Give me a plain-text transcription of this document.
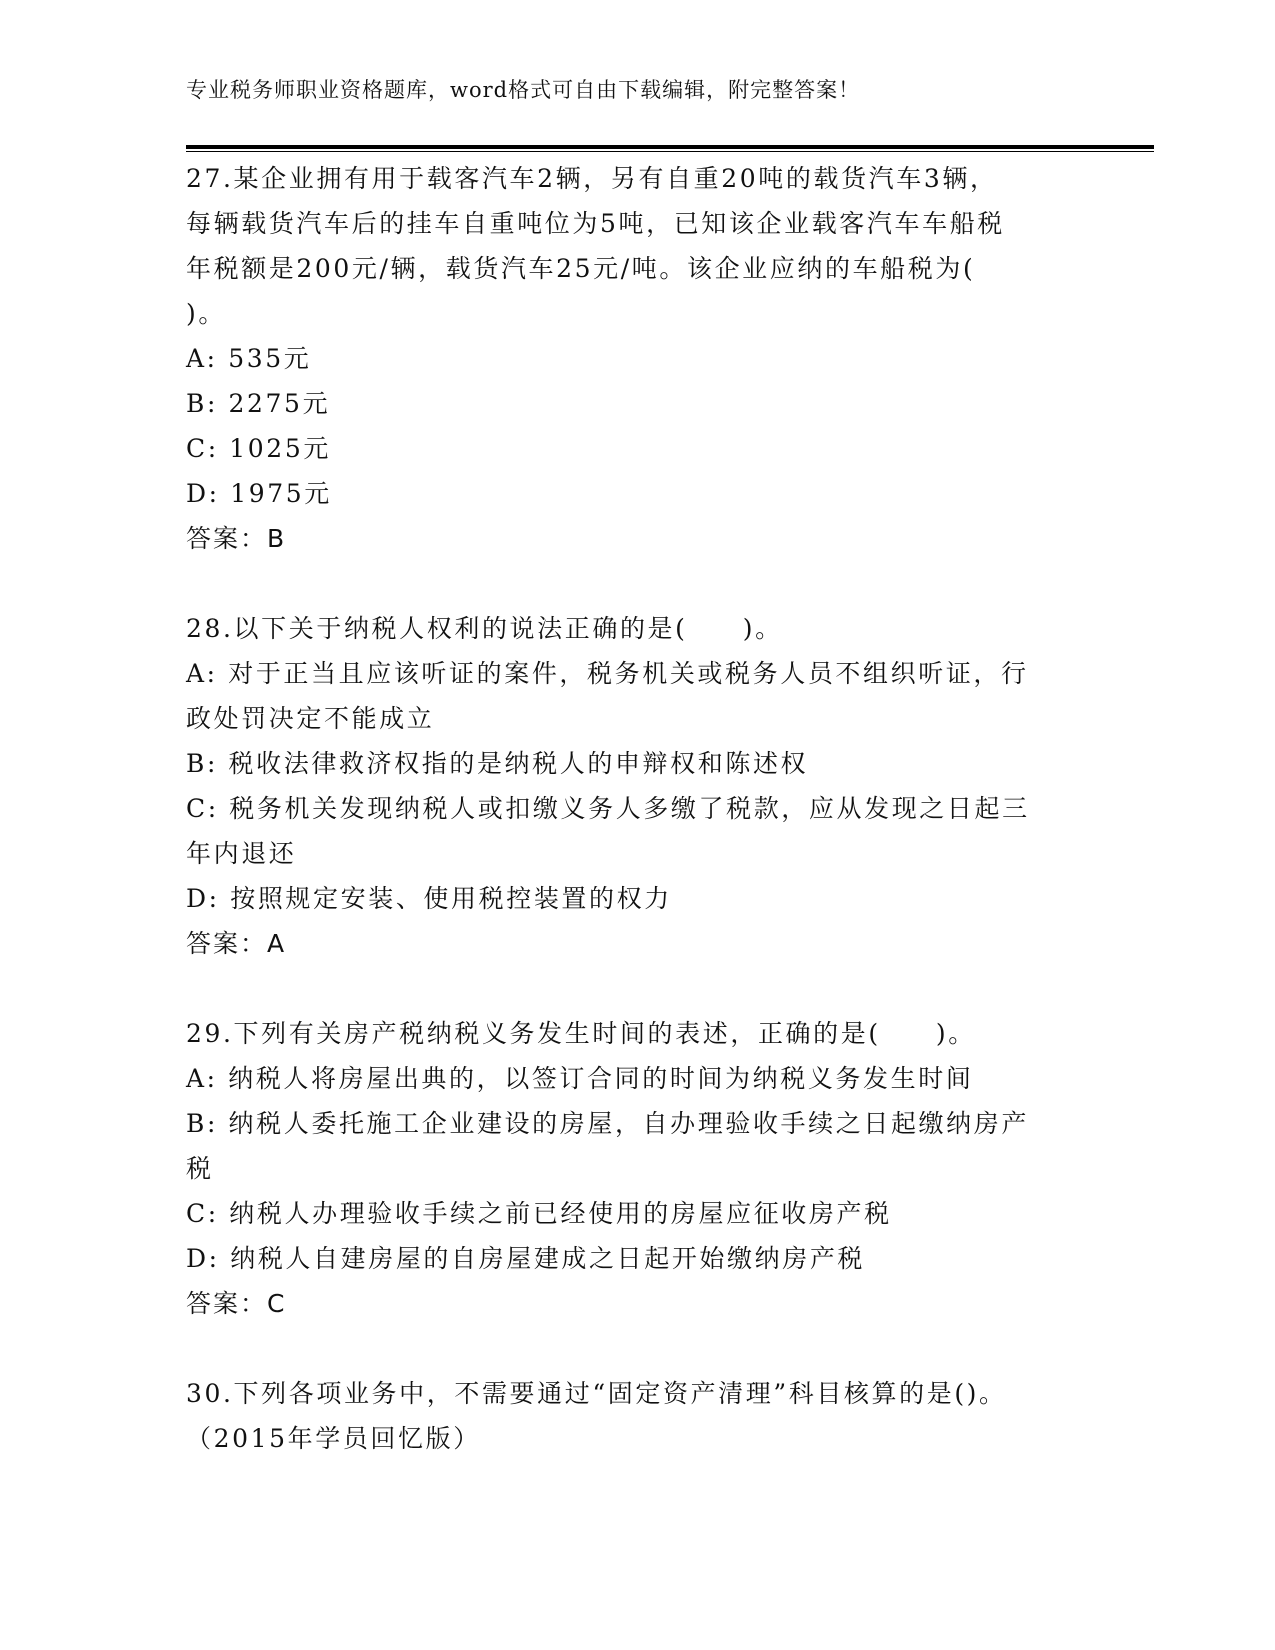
专业税务师职业资格题库，word格式可自由下载编辑，附完整答案！

27.某企业拥有用于载客汽车2辆，另有自重20吨的载货汽车3辆，

每辆载货汽车后的挂车自重吨位为5吨，已知该企业载客汽车车船税

年税额是200元/辆，载货汽车25元/吨。该企业应纳的车船税为(

)。

A: 535元

B: 2275元

C: 1025元

D: 1975元

答案：B

28.以下关于纳税人权利的说法正确的是(　　)。

A: 对于正当且应该听证的案件，税务机关或税务人员不组织听证，行

政处罚决定不能成立

B: 税收法律救济权指的是纳税人的申辩权和陈述权

C: 税务机关发现纳税人或扣缴义务人多缴了税款，应从发现之日起三

年内退还

D: 按照规定安装、使用税控装置的权力

答案：A

29.下列有关房产税纳税义务发生时间的表述，正确的是(　　)。

A: 纳税人将房屋出典的，以签订合同的时间为纳税义务发生时间

B: 纳税人委托施工企业建设的房屋，自办理验收手续之日起缴纳房产

税

C: 纳税人办理验收手续之前已经使用的房屋应征收房产税

D: 纳税人自建房屋的自房屋建成之日起开始缴纳房产税

答案：C

30.下列各项业务中，不需要通过“固定资产清理”科目核算的是()。

（2015年学员回忆版）
